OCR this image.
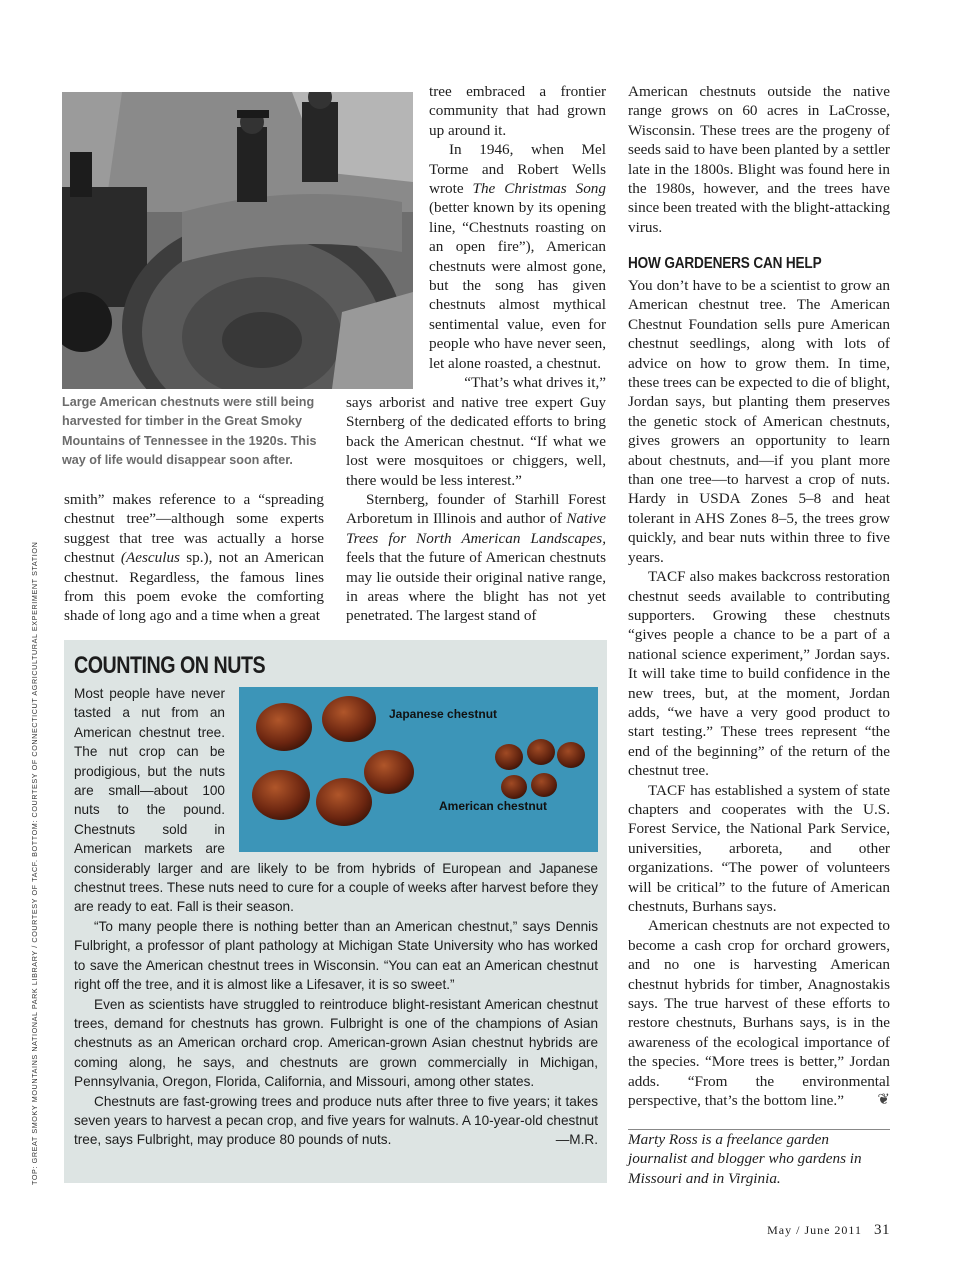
Large American chestnuts were still being harvested for timber in the Great Smoky Mountains of Tennessee in the 1920s. This way of life would disappear soon after.
TOP: GREAT SMOKY MOUNTAINS NATIONAL PARK LIBRARY / COURTESY OF TACF. BOTTOM: COURTESY OF CONNECTICUT AGRICULTURAL EXPERIMENT STATION

tree embraced a frontier community that had grown up around it.

In 1946, when Mel Torme and Robert Wells wrote The Christmas Song (better known by its opening line, “Chestnuts roasting on an open fire”), American chestnuts were almost gone, but the song has given chestnuts almost mythical sentimental value, even for people who have never seen, let alone roasted, a chestnut.

“That’s what drives it,”

says arborist and native tree expert Guy Sternberg of the dedicated efforts to bring back the American chestnut. “If what we lost were mosquitoes or chiggers, well, there would be less interest.”

Sternberg, founder of Starhill Forest Arboretum in Illinois and author of Native Trees for North American Landscapes, feels that the future of American chestnuts may lie outside their original native range, in areas where the blight has not yet penetrated. The largest stand of

smith” makes reference to a “spreading chestnut tree”—although some experts suggest that tree was actually a horse chestnut (Aesculus sp.), not an American chestnut. Regardless, the famous lines from this poem evoke the comforting shade of long ago and a time when a great

American chestnuts outside the native range grows on 60 acres in LaCrosse, Wisconsin. These trees are the progeny of seeds said to have been planted by a settler late in the 1800s. Blight was found here in the 1980s, however, and the trees have since been treated with the blight-attacking virus.

HOW GARDENERS CAN HELP

You don’t have to be a scientist to grow an American chestnut tree. The American Chestnut Foundation sells pure American chestnut seedlings, along with lots of advice on how to grow them. In time, these trees can be expected to die of blight, Jordan says, but planting them preserves the genetic stock of American chestnuts, gives growers an opportunity to learn about chestnuts, and—if you plant more than one tree—to harvest a crop of nuts. Hardy in USDA Zones 5–8 and heat tolerant in AHS Zones 8–5, the trees grow quickly, and bear nuts within three to five years.

TACF also makes backcross restoration chestnut seeds available to contributing supporters. Growing these chestnuts “gives people a chance to be a part of a national science experiment,” Jordan says. It will take time to build confidence in the new trees, but, at the moment, Jordan adds, “we have a very good product to start testing.” These trees represent “the end of the beginning” of the return of the chestnut tree.

TACF has established a system of state chapters and cooperates with the U.S. Forest Service, the National Park Service, universities, arboreta, and other organizations. “The power of volunteers will be critical” to the future of American chestnuts, Burhans says.

American chestnuts are not expected to become a cash crop for orchard growers, and no one is harvesting American chestnut hybrids for timber, Anagnostakis says. The true harvest of these efforts to restore chestnuts, Burhans says, is in the awareness of the ecological importance of the species. “More trees is better,” Jordan adds. “From the environmental perspective, that’s the bottom line.”	❦

Marty Ross is a freelance garden journalist and blogger who gardens in Missouri and in Virginia.
COUNTING ON NUTS
Japanese chestnut
American chestnut

Most people have never tasted a nut from an American chestnut tree. The nut crop can be prodigious, but the nuts are small—about 100 nuts to the pound. Chestnuts sold in American markets are considerably larger and are likely to be from hybrids of European and Japanese chestnut trees. These nuts need to cure for a couple of weeks after harvest before they are ready to eat. Fall is their season.

“To many people there is nothing better than an American chestnut,” says Dennis Fulbright, a professor of plant pathology at Michigan State University who has worked to save the American chestnut trees in Wisconsin. “You can eat an American chestnut right off the tree, and it is almost like a Lifesaver, it is so sweet.”

Even as scientists have struggled to reintroduce blight-resistant American chestnut trees, demand for chestnuts has grown. Fulbright is one of the champions of Asian chestnuts as an American orchard crop. American-grown Asian chestnut hybrids are coming along, he says, and chestnuts are grown commercially in Michigan, Pennsylvania, Oregon, Florida, California, and Missouri, among other states.

Chestnuts are fast-growing trees and produce nuts after three to five years; it takes seven years to harvest a pecan crop, and five years for walnuts. A 10-year-old chestnut tree, says Fulbright, may produce 80 pounds of nuts.	—M.R.

May / June 2011 31
